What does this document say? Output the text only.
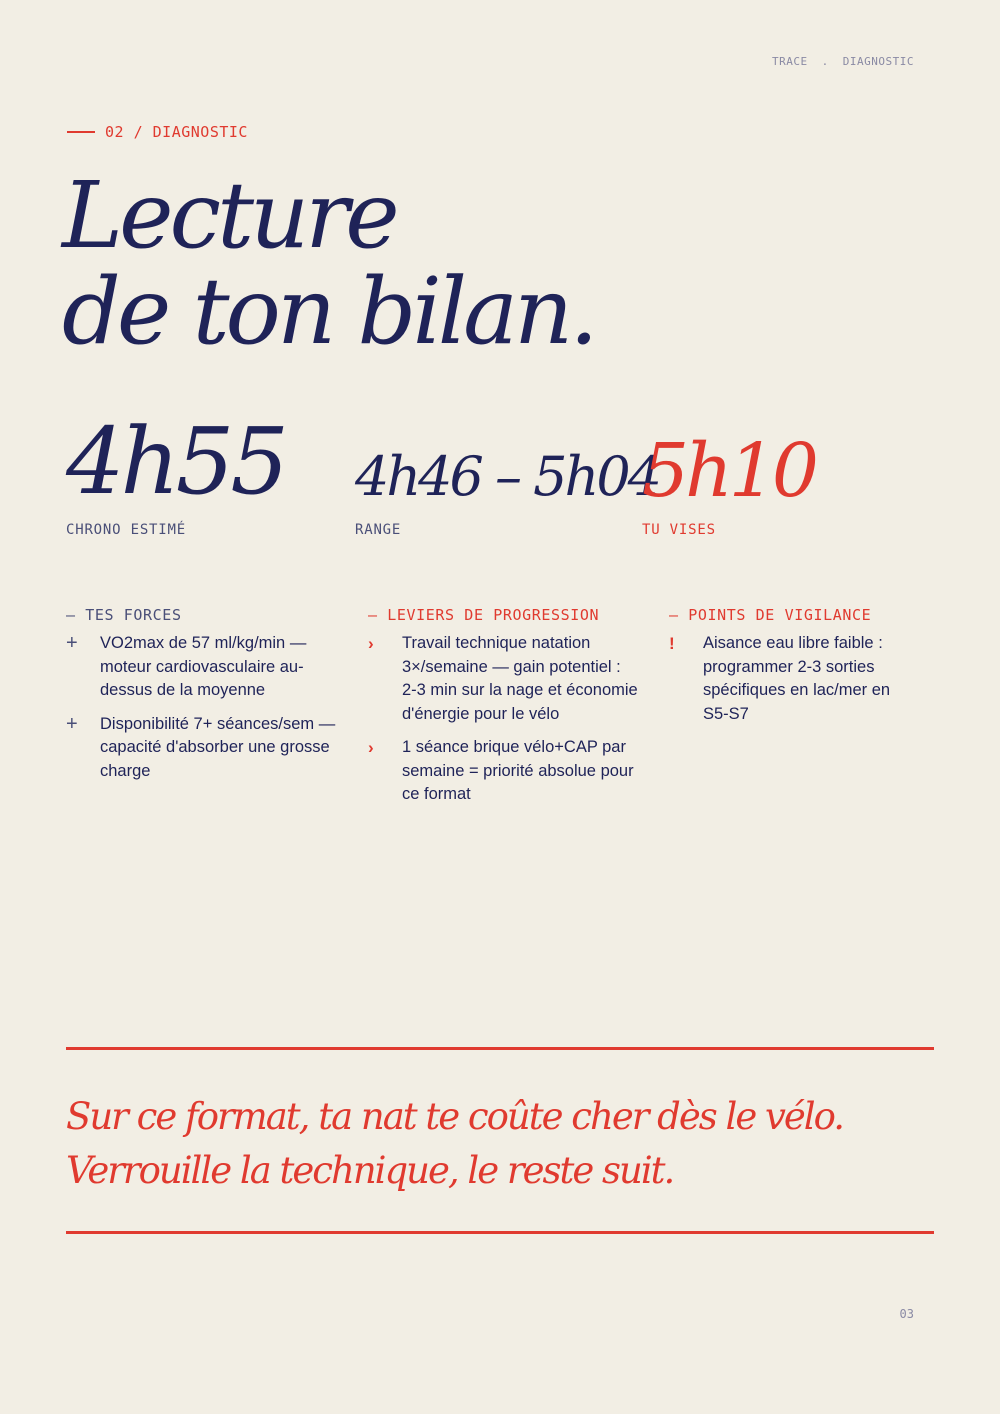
TRACE . DIAGNOSTIC
02 / DIAGNOSTIC
Lecture
de ton bilan.
4h55
CHRONO ESTIMÉ
4h46 – 5h04
RANGE
5h10
TU VISES
— TES FORCES
+	VO2max de 57 ml/kg/min — moteur cardiovasculaire au-dessus de la moyenne
+	Disponibilité 7+ séances/sem — capacité d'absorber une grosse charge
— LEVIERS DE PROGRESSION
›	Travail technique natation 3×/semaine — gain potentiel : 2-3 min sur la nage et économie d'énergie pour le vélo
›	1 séance brique vélo+CAP par semaine = priorité absolue pour ce format
— POINTS DE VIGILANCE
!	Aisance eau libre faible : programmer 2-3 sorties spécifiques en lac/mer en S5-S7

Sur ce format, ta nat te coûte cher dès le vélo. Verrouille la technique, le reste suit.

03
